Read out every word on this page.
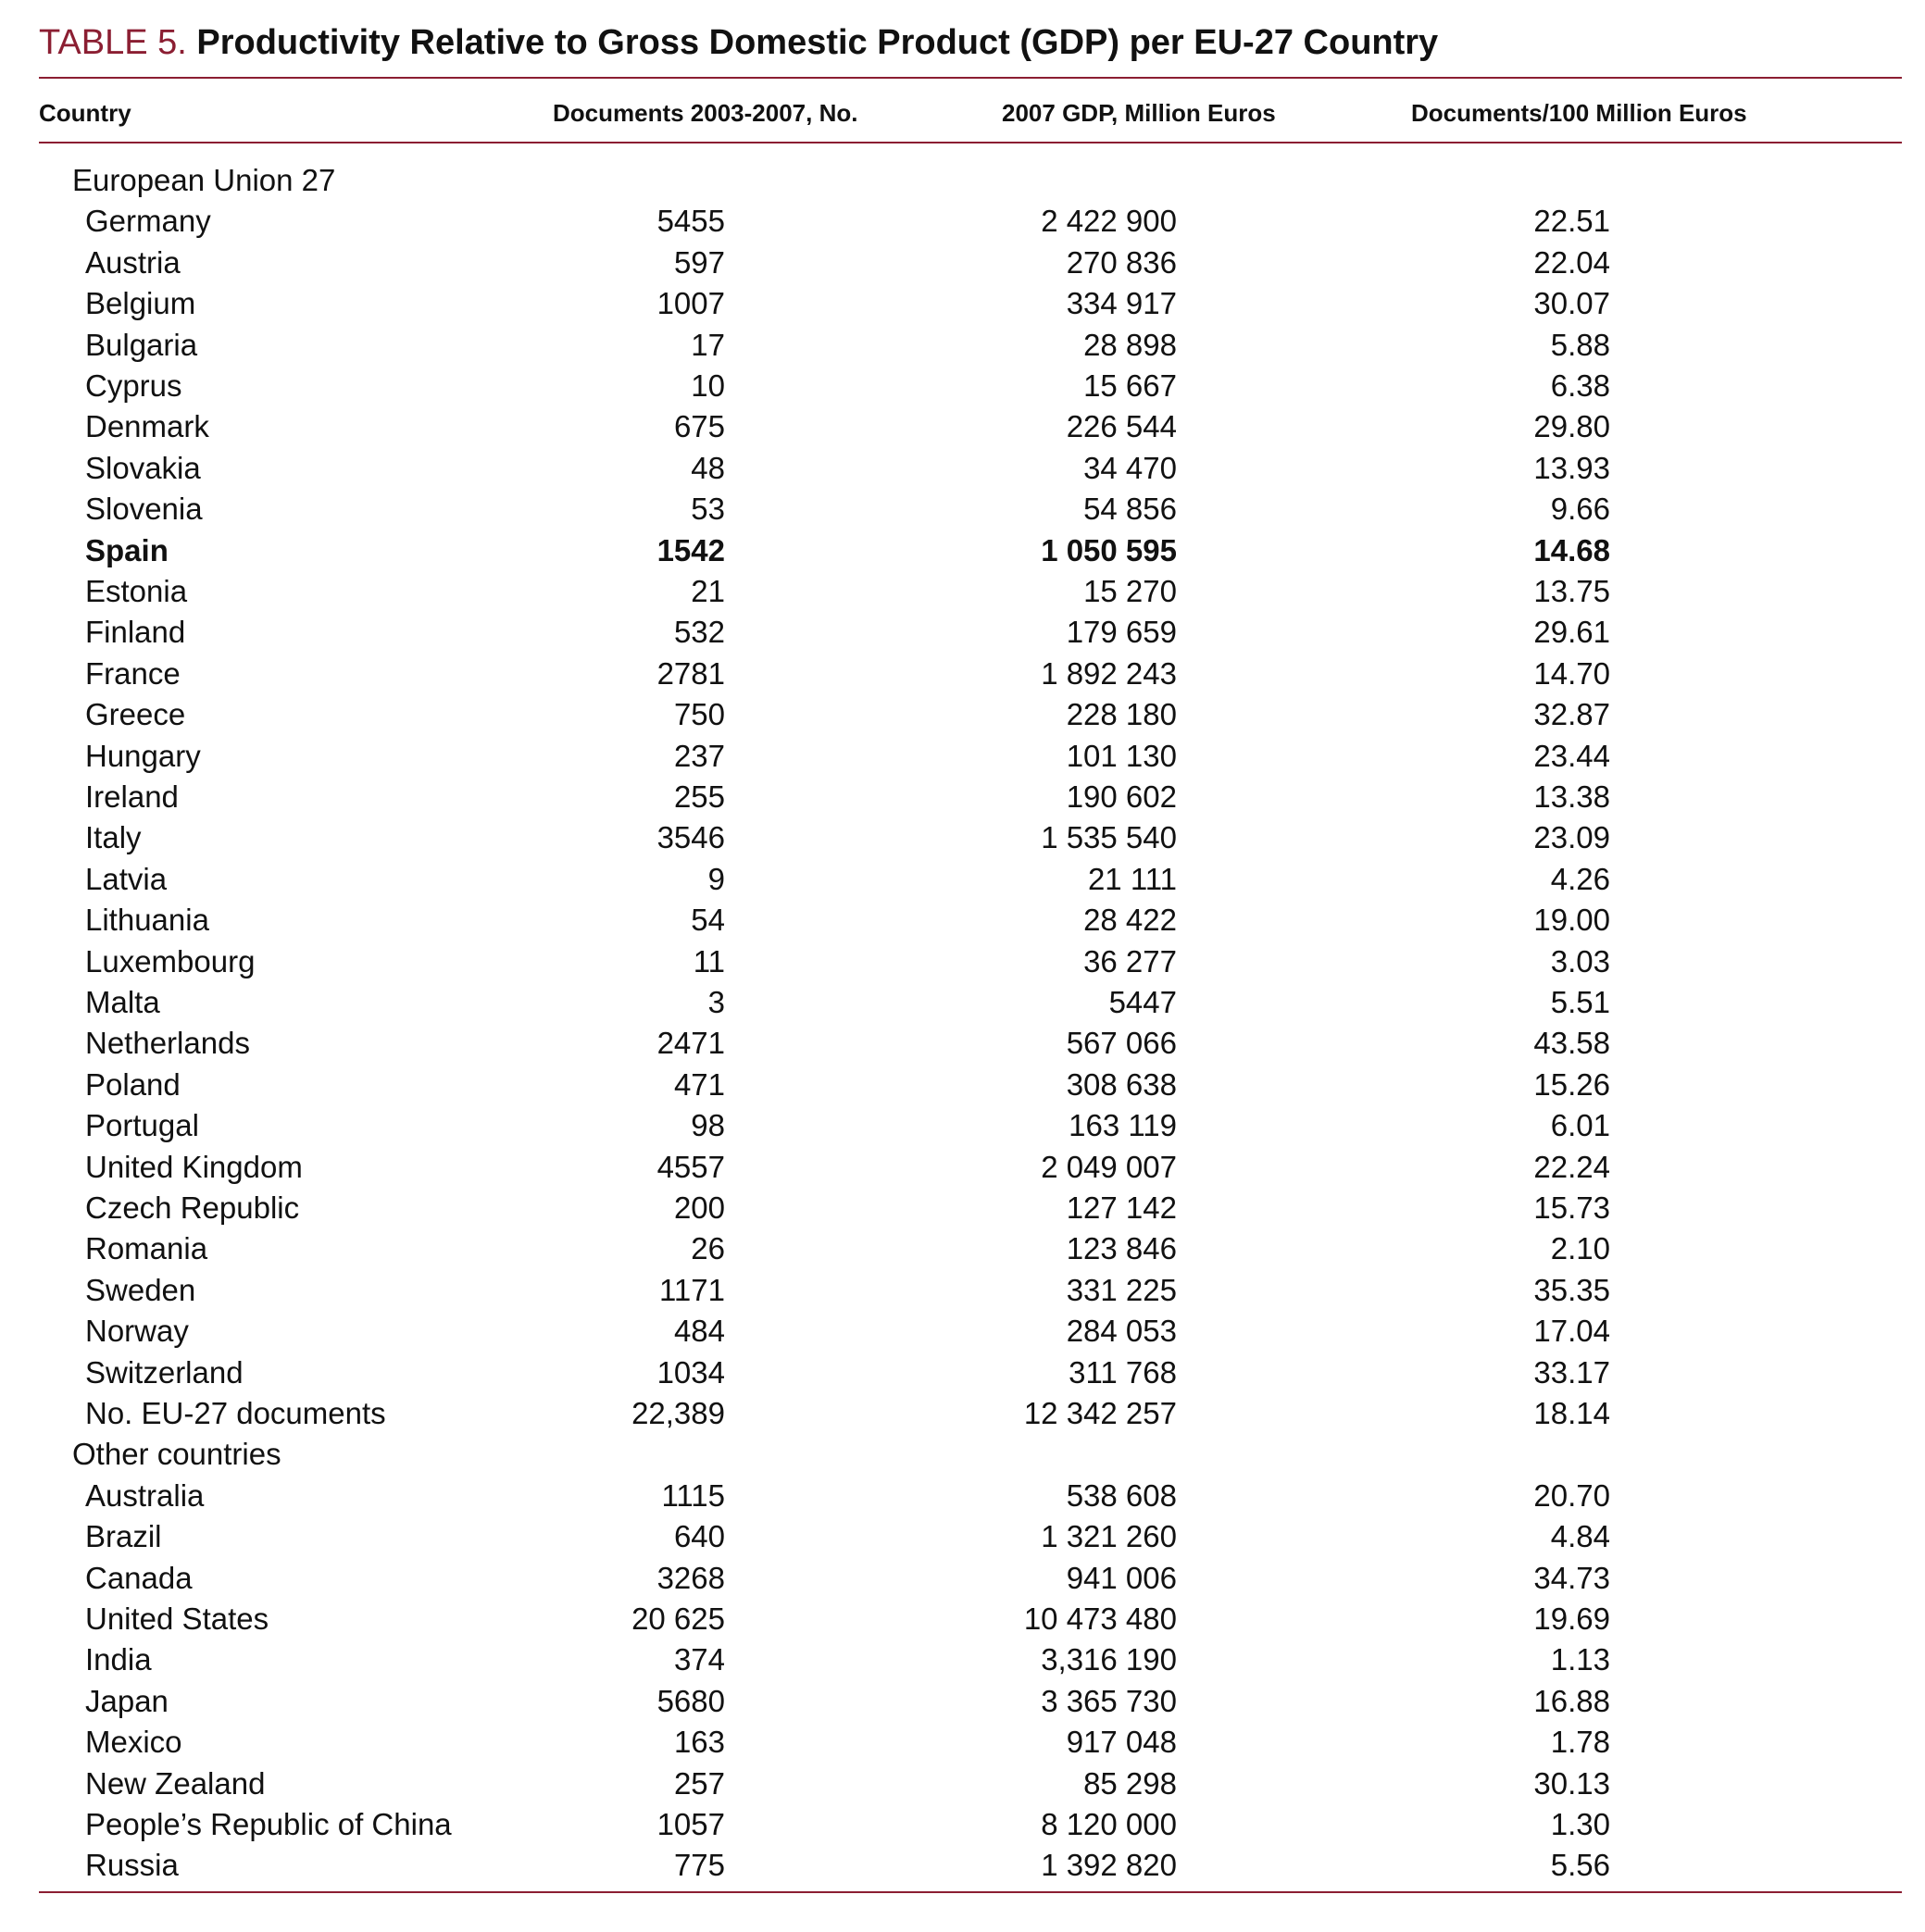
TABLE 5. Productivity Relative to Gross Domestic Product (GDP) per EU-27 Country
Country	Documents 2003-2007, No.	2007 GDP, Million Euros	Documents/100 Million Euros
European Union 27
Germany	5455	2 422 900	22.51
Austria	597	270 836	22.04
Belgium	1007	334 917	30.07
Bulgaria	17	28 898	5.88
Cyprus	10	15 667	6.38
Denmark	675	226 544	29.80
Slovakia	48	34 470	13.93
Slovenia	53	54 856	9.66
Spain	1542	1 050 595	14.68
Estonia	21	15 270	13.75
Finland	532	179 659	29.61
France	2781	1 892 243	14.70
Greece	750	228 180	32.87
Hungary	237	101 130	23.44
Ireland	255	190 602	13.38
Italy	3546	1 535 540	23.09
Latvia	9	21 111	4.26
Lithuania	54	28 422	19.00
Luxembourg	11	36 277	3.03
Malta	3	5447	5.51
Netherlands	2471	567 066	43.58
Poland	471	308 638	15.26
Portugal	98	163 119	6.01
United Kingdom	4557	2 049 007	22.24
Czech Republic	200	127 142	15.73
Romania	26	123 846	2.10
Sweden	1171	331 225	35.35
Norway	484	284 053	17.04
Switzerland	1034	311 768	33.17
No. EU-27 documents	22,389	12 342 257	18.14
Other countries
Australia	1115	538 608	20.70
Brazil	640	1 321 260	4.84
Canada	3268	941 006	34.73
United States	20 625	10 473 480	19.69
India	374	3,316 190	1.13
Japan	5680	3 365 730	16.88
Mexico	163	917 048	1.78
New Zealand	257	85 298	30.13
People’s Republic of China	1057	8 120 000	1.30
Russia	775	1 392 820	5.56
